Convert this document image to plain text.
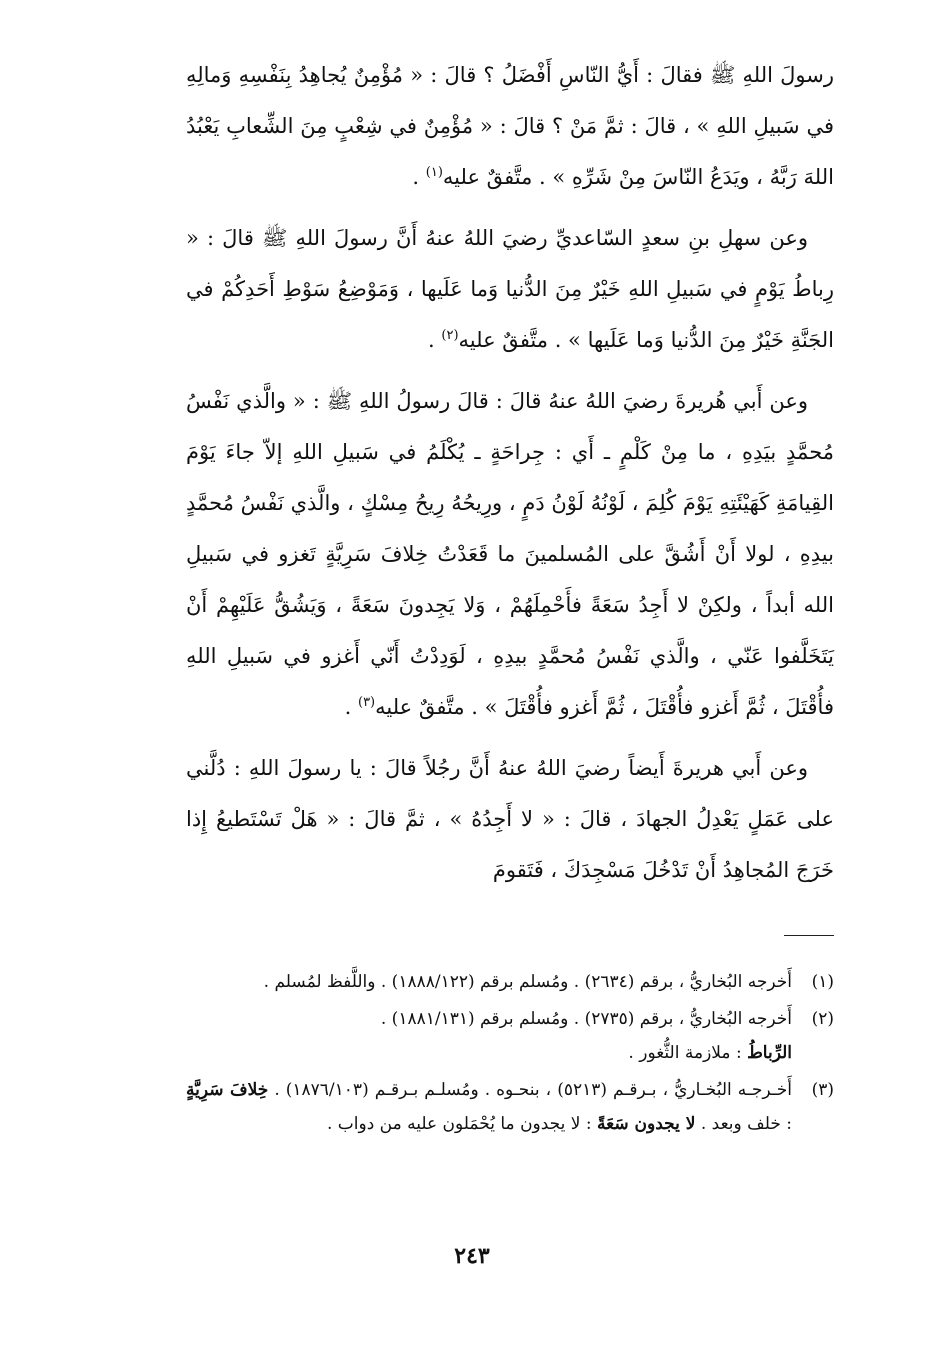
رسولَ اللهِ ﷺ فقالَ : أَيُّ النّاسِ أَفْضَلُ ؟ قالَ : « مُؤْمِنٌ يُجاهِدُ بِنَفْسِهِ وَمالِهِ في سَبيلِ اللهِ » ، قالَ : ثمَّ مَنْ ؟ قالَ : « مُؤْمِنٌ في شِعْبٍ مِنَ الشِّعابِ يَعْبُدُ اللهَ رَبَّهُ ، ويَدَعُ النّاسَ مِنْ شَرِّهِ » . متَّفقٌ عليه$^{(١)}$ .

وعن سهلِ بنِ سعدٍ السّاعديِّ رضيَ اللهُ عنهُ أَنَّ رسولَ اللهِ ﷺ قالَ : « رِباطُ يَوْمٍ في سَبيلِ اللهِ خَيْرٌ مِنَ الدُّنيا وَما عَلَيها ، وَمَوْضِعُ سَوْطِ أَحَدِكُمْ في الجَنَّةِ خَيْرٌ مِنَ الدُّنيا وَما عَلَيها » . متَّفقٌ عليه$^{(٢)}$ .

وعن أَبي هُريرةَ رضيَ اللهُ عنهُ قالَ : قالَ رسولُ اللهِ ﷺ : « والَّذي نَفْسُ مُحمَّدٍ بيَدِهِ ، ما مِنْ كَلْمٍ ـ أَي : جِراحَةٍ ـ يُكْلَمُ في سَبيلِ اللهِ إلاّ جاءَ يَوْمَ القِيامَةِ كَهَيْئَتِهِ يَوْمَ كُلِمَ ، لَوْنُهُ لَوْنُ دَمٍ ، ورِيحُهُ رِيحُ مِسْكٍ ، والَّذي نَفْسُ مُحمَّدٍ بيدِهِ ، لولا أَنْ أَشُقَّ على المُسلمينَ ما قَعَدْتُ خِلافَ سَرِيَّةٍ تَغزو في سَبيلِ الله أبداً ، ولكِنْ لا أَجِدُ سَعَةً فأَحْمِلَهُمْ ، وَلا يَجِدونَ سَعَةً ، وَيَشُقُّ عَلَيْهِمْ أَنْ يَتَخَلَّفوا عَنّي ، والَّذي نَفْسُ مُحمَّدٍ بيدِهِ ، لَوَدِدْتُ أَنّي أَغزو في سَبيلِ اللهِ فأُقْتَلَ ، ثُمَّ أَغزو فأُقْتَلَ ، ثُمَّ أَغزو فأُقْتَلَ » . متَّفقٌ عليه$^{(٣)}$ .

وعن أَبي هريرةَ أَيضاً رضيَ اللهُ عنهُ أَنَّ رجُلاً قالَ : يا رسولَ اللهِ : دُلَّني على عَمَلٍ يَعْدِلُ الجهادَ ، قالَ : « لا أَجِدُهُ » ، ثمَّ قالَ : « هَلْ تَسْتَطيعُ إِذا خَرَجَ المُجاهِدُ أَنْ تَدْخُلَ مَسْجِدَكَ ، فَتَقومَ

(١)
أَخرجه البُخاريُّ ، برقم (٢٦٣٤) . ومُسلم برقم (١٨٨٨/١٢٢) . واللَّفظ لمُسلم .
(٢)
أَخرجه البُخاريُّ ، برقم (٢٧٣٥) . ومُسلم برقم (١٨٨١/١٣١) .
الرِّباطُ : ملازمة الثُّغور .
(٣)
أَخـرجـه البُخـاريُّ ، بـرقـم (٥٢١٣) ، بنحـوه . ومُسلـم بـرقـم (١٨٧٦/١٠٣) . خِلافَ سَرِيَّةٍ : خلف وبعد . لا يجدون سَعَةً : لا يجدون ما يُحْمَلون عليه من دواب .
٢٤٣
